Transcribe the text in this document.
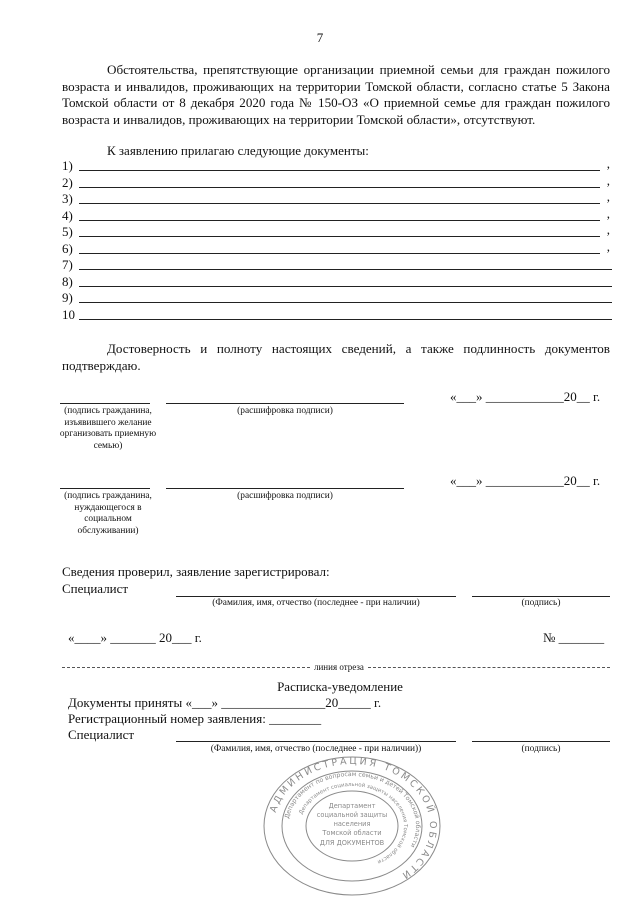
7
Обстоятельства, препятствующие организации приемной семьи для граждан пожилого возраста и инвалидов, проживающих на территории Томской области, согласно статье 5 Закона Томской области от 8 декабря 2020 года № 150-ОЗ «О приемной семье для граждан пожилого возраста и инвалидов, проживающих на территории Томской области», отсутствуют.
К заявлению прилагаю следующие документы:
1)	,
2)	,
3)	,
4)	,
5)	,
6)	,
7)
8)
9)
10
Достоверность и полноту настоящих сведений, а также подлинность документов подтверждаю.
(подпись гражданина, изъявившего желание организовать приемную семью)
(расшифровка подписи)
«___» ____________20__ г.
«___» ____________20__ г.
(подпись гражданина, нуждающегося в социальном обслуживании)
(расшифровка подписи)
Сведения проверил, заявление зарегистрировал:
Специалист
(Фамилия, имя, отчество (последнее - при наличии)	(подпись)
«____» _______ 20___ г.	№ _______
линия отреза
Расписка-уведомление
Документы приняты «___» ________________20_____ г.
Регистрационный номер заявления: ________
Специалист
(Фамилия, имя, отчество (последнее - при наличии))	(подпись)
АДМИНИСТРАЦИЯ ТОМСКОЙ ОБЛАСТИ
Департамент по вопросам семьи и детей Томской области
Департамент социальной защиты населения Томской области
Департамент
социальной защиты
населения
Томской области
ДЛЯ ДОКУМЕНТОВ
